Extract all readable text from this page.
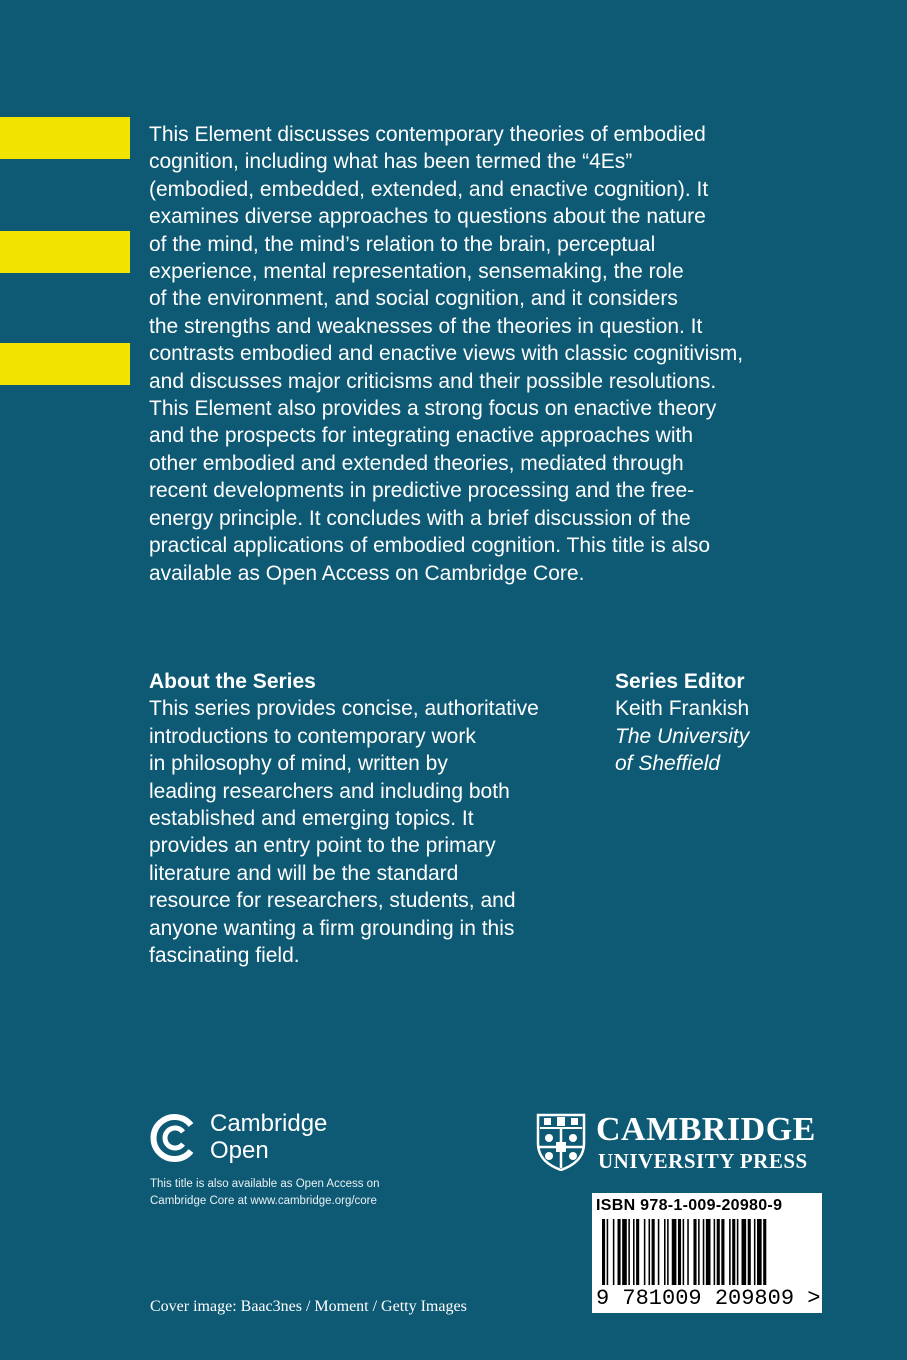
This Element discusses contemporary theories of embodied
cognition, including what has been termed the “4Es”
(embodied, embedded, extended, and enactive cognition). It
examines diverse approaches to questions about the nature
of the mind, the mind’s relation to the brain, perceptual
experience, mental representation, sensemaking, the role
of the environment, and social cognition, and it considers
the strengths and weaknesses of the theories in question. It
contrasts embodied and enactive views with classic cognitivism,
and discusses major criticisms and their possible resolutions.
This Element also provides a strong focus on enactive theory
and the prospects for integrating enactive approaches with
other embodied and extended theories, mediated through
recent developments in predictive processing and the free-
energy principle. It concludes with a brief discussion of the
practical applications of embodied cognition. This title is also
available as Open Access on Cambridge Core.
About the Series
This series provides concise, authoritative
introductions to contemporary work
in philosophy of mind, written by
leading researchers and including both
established and emerging topics. It
provides an entry point to the primary
literature and will be the standard
resource for researchers, students, and
anyone wanting a firm grounding in this
fascinating field.
Series Editor
Keith Frankish
The University
of Sheffield
Cambridge
Open
This title is also available as Open Access on
Cambridge Core at www.cambridge.org/core
CAMBRIDGE
UNIVERSITY PRESS
ISBN 978-1-009-20980-9
9 781009 209809 >
Cover image: Baac3nes / Moment / Getty Images
